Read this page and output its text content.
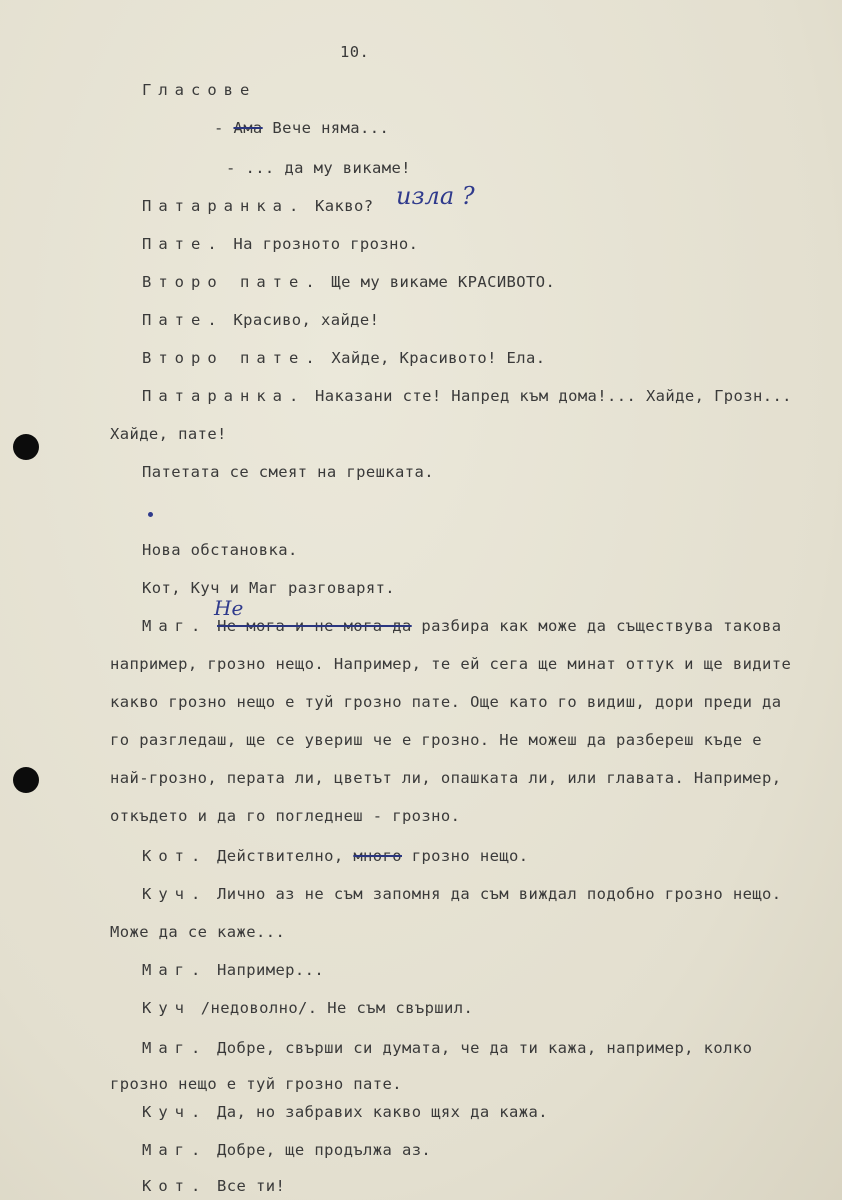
10.
Гласове
- Ама Вече няма...
- ... да му викаме!
Патаранка. Какво? изла ?
Пате. На грозното грозно.
Второ пате. Ще му викаме КРАСИВОТО.
Пате. Красиво, хайде!
Второ пате. Хайде, Красивото! Ела.
Патаранка. Наказани сте! Напред към дома!... Хайде, Грозн...
Хайде, пате!
Патетата се смеят на грешката.
Нова обстановка.
Кот, Куч и Маг разговарят.
Не
Маг. Не мога и не мога да разбира как може да съществува такова
например, грозно нещо. Например, те ей сега ще минат оттук и ще видите
какво грозно нещо е туй грозно пате. Още като го видиш, дори преди да
го разгледаш, ще се увериш че е грозно. Не можеш да разбереш къде е
най-грозно, перата ли, цветът ли, опашката ли, или главата. Например,
откъдето и да го погледнеш - грозно.
Кот. Действително, много грозно нещо.
Куч. Лично аз не съм запомня да съм виждал подобно грозно нещо.
Може да се каже...
Маг. Например...
Куч /недоволно/. Не съм свършил.
Маг. Добре, свърши си думата, че да ти кажа, например, колко
грозно нещо е туй грозно пате.
Куч. Да, но забравих какво щях да кажа.
Маг. Добре, ще продължа аз.
Кот. Все ти!
